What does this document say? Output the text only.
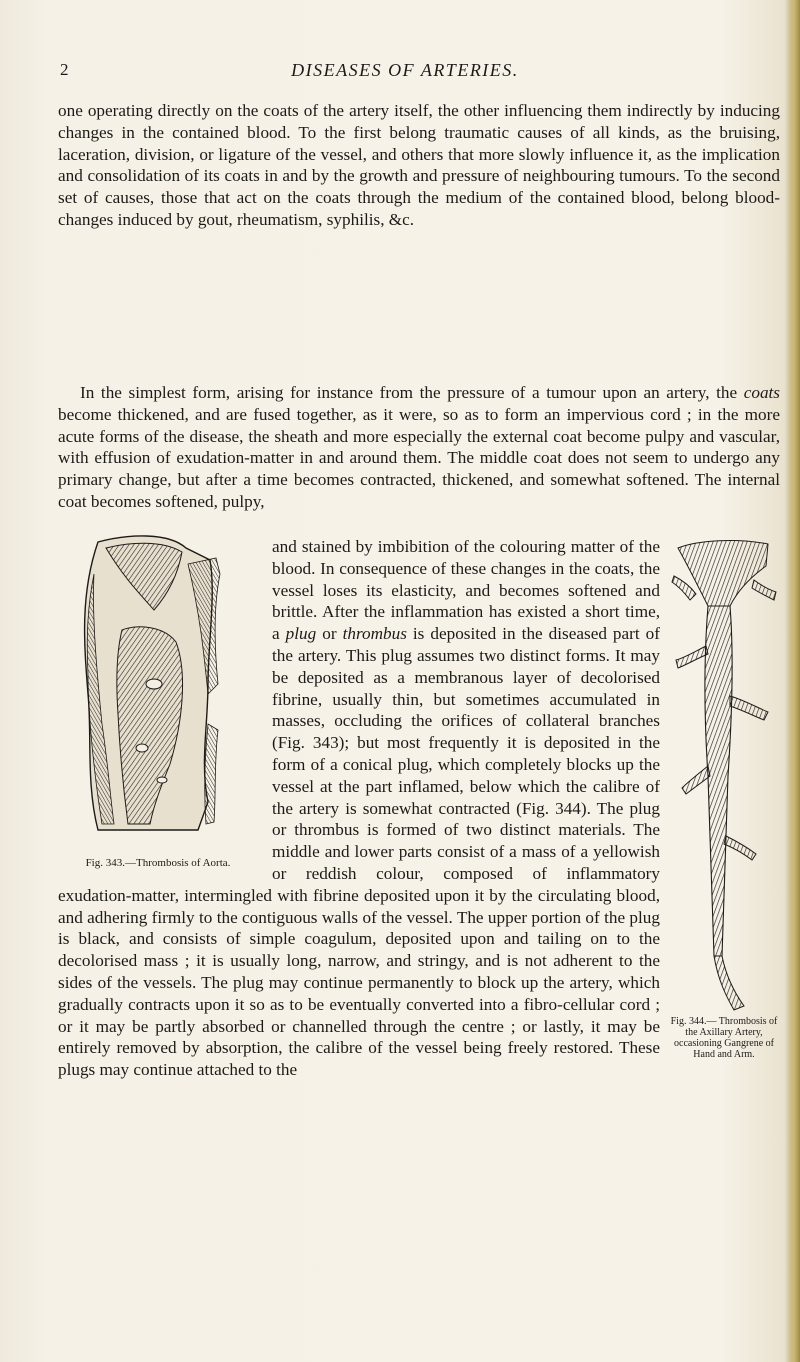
2	DISEASES OF ARTERIES.

one operating directly on the coats of the artery itself, the other influencing them indirectly by inducing changes in the contained blood. To the first belong traumatic causes of all kinds, as the bruising, laceration, division, or ligature of the vessel, and others that more slowly influence it, as the implication and consolidation of its coats in and by the growth and pressure of neighbouring tumours. To the second set of causes, those that act on the coats through the medium of the contained blood, belong blood-changes induced by gout, rheumatism, syphilis, &c.

In the simplest form, arising for instance from the pressure of a tumour upon an artery, the coats become thickened, and are fused together, as it were, so as to form an impervious cord ; in the more acute forms of the disease, the sheath and more especially the external coat become pulpy and vascular, with effusion of exudation-matter in and around them. The middle coat does not seem to undergo any primary change, but after a time becomes contracted, thickened, and somewhat softened. The internal coat becomes softened, pulpy,

Fig. 343.—Thrombosis of Aorta.
Fig. 344.— Thrombosis of the Axillary Artery, occasioning Gangrene of Hand and Arm.
and stained by imbibition of the colouring matter of the blood. In consequence of these changes in the coats, the vessel loses its elasticity, and becomes softened and brittle. After the inflammation has existed a short time, a plug or thrombus is deposited in the diseased part of the artery. This plug assumes two distinct forms. It may be deposited as a membranous layer of decolorised fibrine, usually thin, but sometimes accumulated in masses, occluding the orifices of collateral branches (Fig. 343); but most frequently it is deposited in the form of a conical plug, which completely blocks up the vessel at the part inflamed, below which the calibre of the artery is somewhat contracted (Fig. 344). The plug or thrombus is formed of two distinct materials. The middle and lower parts consist of a mass of a yellowish or reddish colour, composed of inflammatory exudation-matter, intermingled with fibrine deposited upon it by the circulating blood, and adhering firmly to the contiguous walls of the vessel. The upper portion of the plug is black, and consists of simple coagulum, deposited upon and tailing on to the decolorised mass ; it is usually long, narrow, and stringy, and is not adherent to the sides of the vessels. The plug may continue permanently to block up the artery, which gradually contracts upon it so as to be eventually converted into a fibro-cellular cord ; or it may be partly absorbed or channelled through the centre ; or lastly, it may be entirely removed by absorption, the calibre of the vessel being freely restored. These plugs may continue attached to the
